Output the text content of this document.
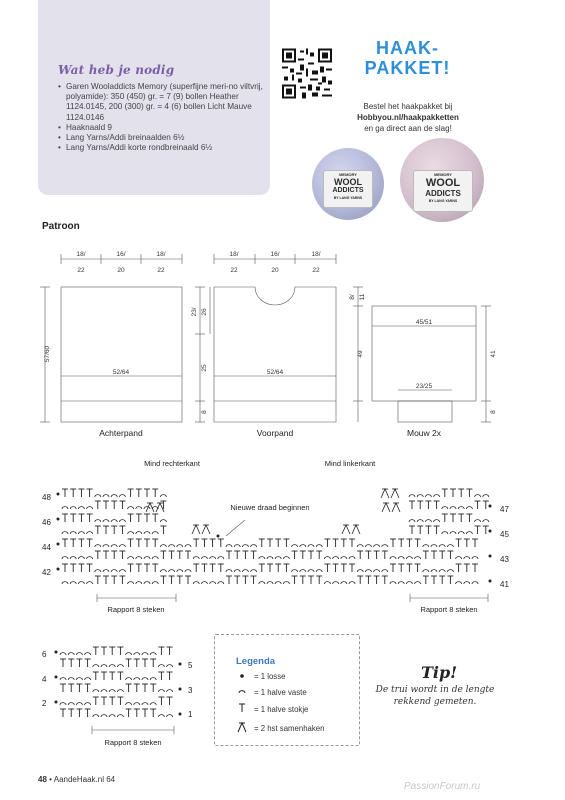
Wat heb je nodig
• Garen Wooladdicts Memory (superfijne meri-no viltvrij, polyamide): 350 (450) gr. = 7 (9) bollen Heather 1124.0145, 200 (300) gr. = 4 (6) bollen Licht Mauve 1124.0146
• Haaknaald 9
• Lang Yarns/Addi breinaalden 6½
• Lang Yarns/Addi korte rondbreinaald 6½
HAAK-
PAKKET!
Bestel het haakpakket bij
Hobbyou.nl/haakpakketten
en ga direct aan de slag!
MEMORY
WOOL
ADDICTS
BY LANG YARNS
MEMORY
WOOL
ADDICTS
BY LANG YARNS
Patroon
18/
22
16/
20
18/
22
18/
22
16/
20
18/
22
52/64	52/64
45/51
23/25
57/60
23/ 26
25
8
8/ 11
49	41
8
Achterpand	Voorpand	Mouw 2x
Mind rechterkant	Mind linkerkant
Nieuwe draad beginnen
48
46
44
42
47
45
43
41
Rapport 8 steken	Rapport 8 steken
6
4
2
5
3
1
Rapport 8 steken
Legenda
= 1 losse
= 1 halve vaste
= 1 halve stokje
= 2 hst samenhaken
Tip!
De trui wordt in de lengte rekkend gemeten.
48 • AandeHaak.nl 64
PassionForum.ru
